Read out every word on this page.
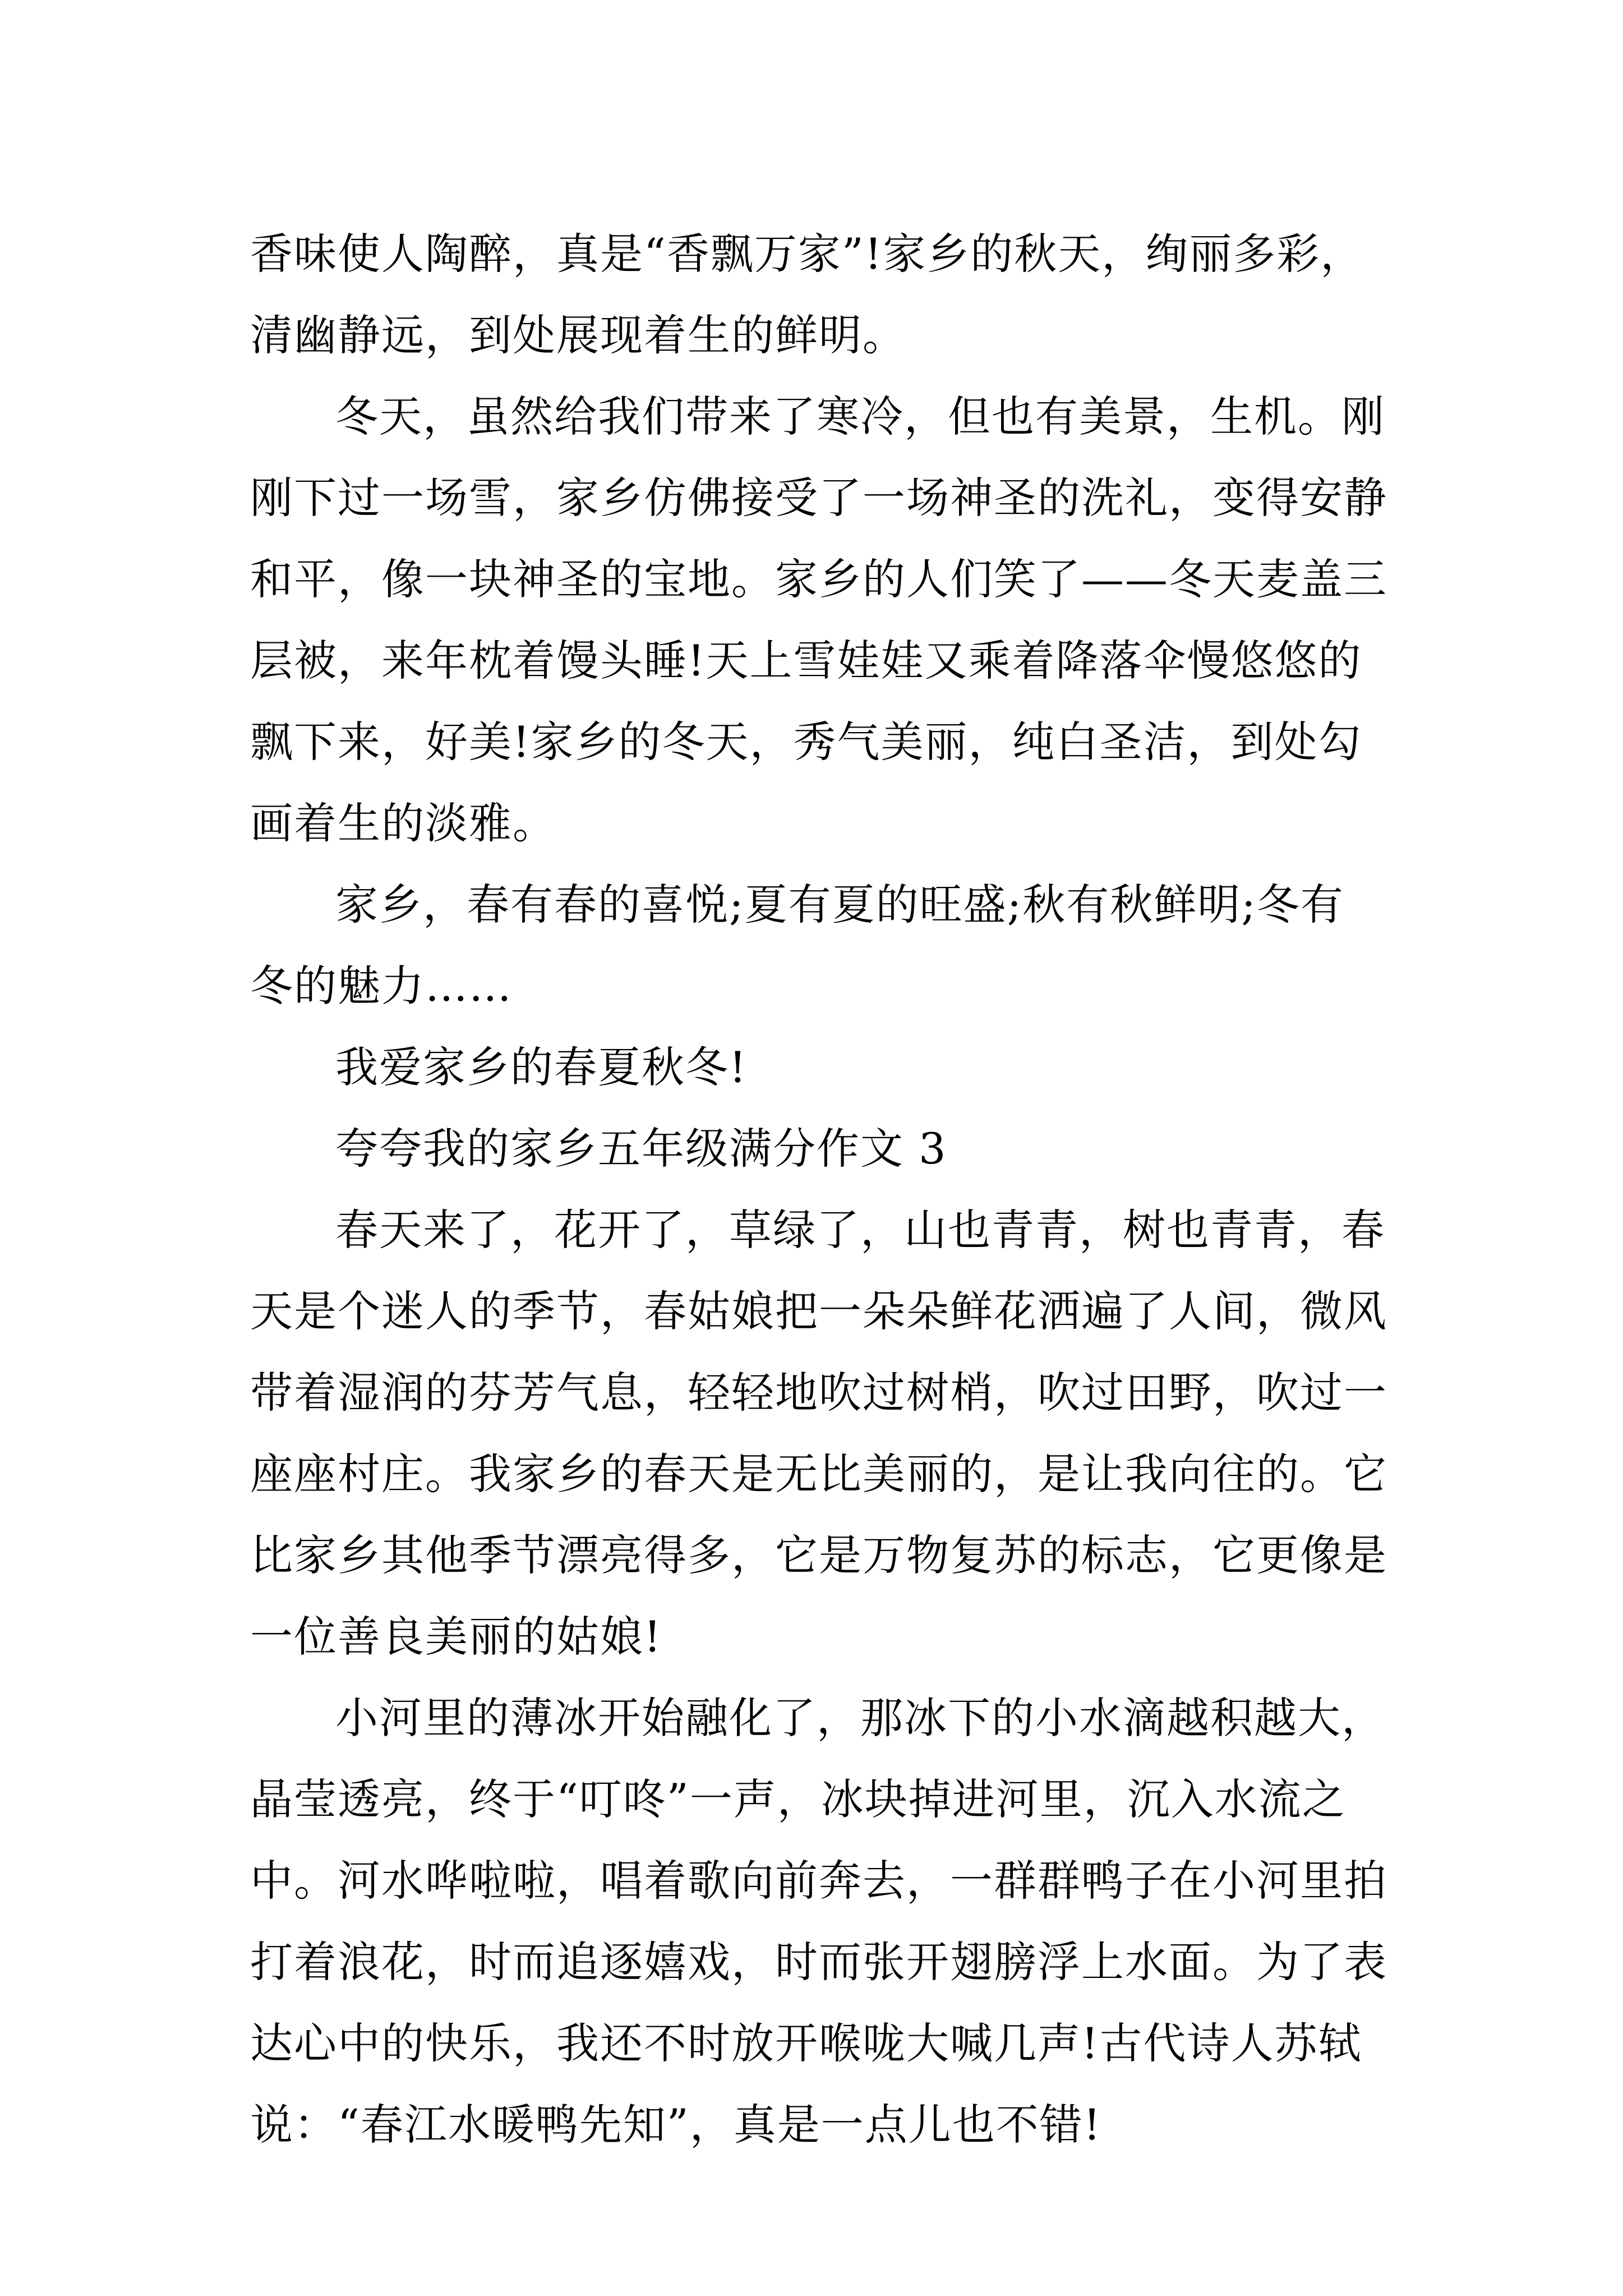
香味使人陶醉，真是“香飘万家”!家乡的秋天，绚丽多彩，
清幽静远，到处展现着生的鲜明。
冬天，虽然给我们带来了寒冷，但也有美景，生机。刚
刚下过一场雪，家乡仿佛接受了一场神圣的洗礼，变得安静
和平，像一块神圣的宝地。家乡的人们笑了——冬天麦盖三
层被，来年枕着馒头睡!天上雪娃娃又乘着降落伞慢悠悠的
飘下来，好美!家乡的冬天，秀气美丽，纯白圣洁，到处勾
画着生的淡雅。
家乡，春有春的喜悦;夏有夏的旺盛;秋有秋鲜明;冬有
冬的魅力……
我爱家乡的春夏秋冬!
夸夸我的家乡五年级满分作文 3
春天来了，花开了，草绿了，山也青青，树也青青，春
天是个迷人的季节，春姑娘把一朵朵鲜花洒遍了人间，微风
带着湿润的芬芳气息，轻轻地吹过树梢，吹过田野，吹过一
座座村庄。我家乡的春天是无比美丽的，是让我向往的。它
比家乡其他季节漂亮得多，它是万物复苏的标志，它更像是
一位善良美丽的姑娘!
小河里的薄冰开始融化了，那冰下的小水滴越积越大，
晶莹透亮，终于“叮咚”一声，冰块掉进河里，沉入水流之
中。河水哗啦啦，唱着歌向前奔去，一群群鸭子在小河里拍
打着浪花，时而追逐嬉戏，时而张开翅膀浮上水面。为了表
达心中的快乐，我还不时放开喉咙大喊几声!古代诗人苏轼
说：“春江水暖鸭先知”，真是一点儿也不错!
